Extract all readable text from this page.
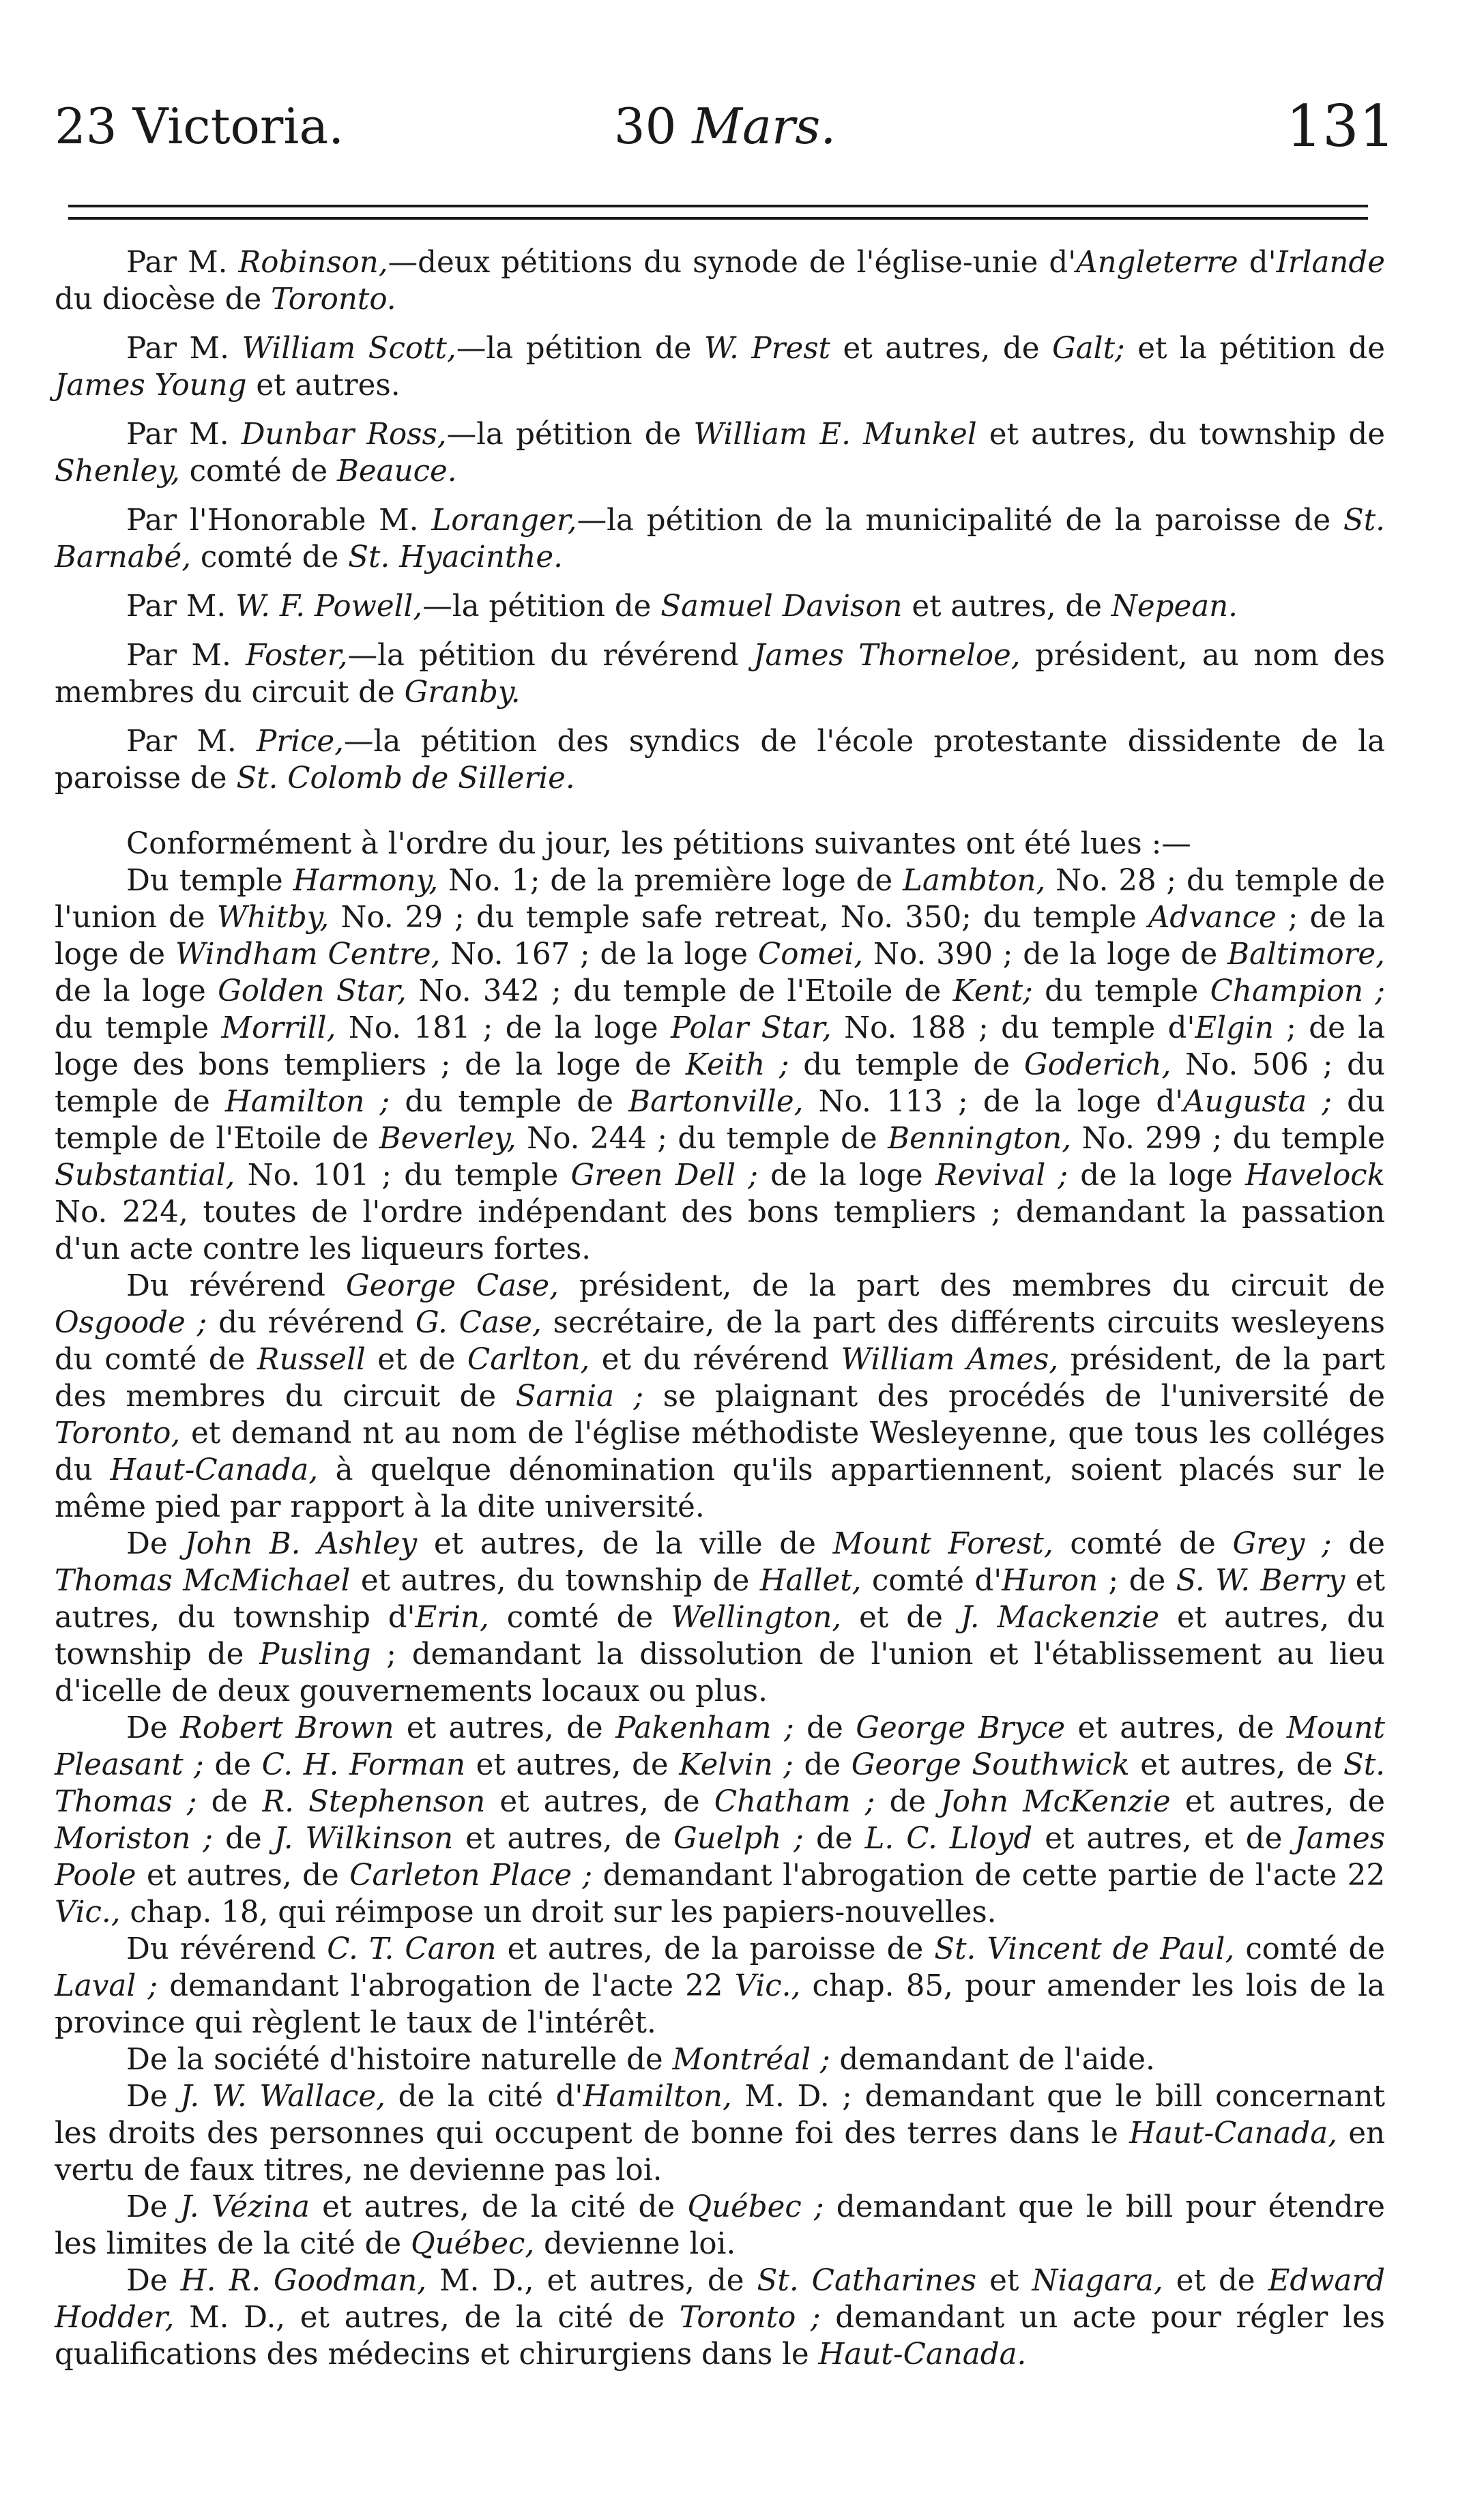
23 Victoria.	30 Mars.	131

Par M. Robinson,—deux pétitions du synode de l'église-unie d'Angleterre d'Irlande du diocèse de Toronto.

Par M. William Scott,—la pétition de W. Prest et autres, de Galt; et la pétition de James Young et autres.

Par M. Dunbar Ross,—la pétition de William E. Munkel et autres, du township de Shenley, comté de Beauce.

Par l'Honorable M. Loranger,—la pétition de la municipalité de la paroisse de St. Barnabé, comté de St. Hyacinthe.

Par M. W. F. Powell,—la pétition de Samuel Davison et autres, de Nepean.

Par M. Foster,—la pétition du révérend James Thorneloe, président, au nom des membres du circuit de Granby.

Par M. Price,—la pétition des syndics de l'école protestante dissidente de la paroisse de St. Colomb de Sillerie.

Conformément à l'ordre du jour, les pétitions suivantes ont été lues :—

Du temple Harmony, No. 1; de la première loge de Lambton, No. 28 ; du temple de l'union de Whitby, No. 29 ; du temple safe retreat, No. 350; du temple Advance ; de la loge de Windham Centre, No. 167 ; de la loge Comei, No. 390 ; de la loge de Baltimore, de la loge Golden Star, No. 342 ; du temple de l'Etoile de Kent; du temple Champion ; du temple Morrill, No. 181 ; de la loge Polar Star, No. 188 ; du temple d'Elgin ; de la loge des bons templiers ; de la loge de Keith ; du temple de Goderich, No. 506 ; du temple de Hamilton ; du temple de Bartonville, No. 113 ; de la loge d'Augusta ; du temple de l'Etoile de Beverley, No. 244 ; du temple de Bennington, No. 299 ; du temple Substantial, No. 101 ; du temple Green Dell ; de la loge Revival ; de la loge Havelock No. 224, toutes de l'ordre indépendant des bons templiers ; demandant la passation d'un acte contre les liqueurs fortes.

Du révérend George Case, président, de la part des membres du circuit de Osgoode ; du révérend G. Case, secrétaire, de la part des différents circuits wesleyens du comté de Russell et de Carlton, et du révérend William Ames, président, de la part des membres du circuit de Sarnia ; se plaignant des procédés de l'université de Toronto, et demand nt au nom de l'église méthodiste Wesleyenne, que tous les colléges du Haut-Canada, à quelque dénomination qu'ils appartiennent, soient placés sur le même pied par rapport à la dite université.

De John B. Ashley et autres, de la ville de Mount Forest, comté de Grey ; de Thomas McMichael et autres, du township de Hallet, comté d'Huron ; de S. W. Berry et autres, du township d'Erin, comté de Wellington, et de J. Mackenzie et autres, du township de Pusling ; demandant la dissolution de l'union et l'établissement au lieu d'icelle de deux gouvernements locaux ou plus.

De Robert Brown et autres, de Pakenham ; de George Bryce et autres, de Mount Pleasant ; de C. H. Forman et autres, de Kelvin ; de George Southwick et autres, de St. Thomas ; de R. Stephenson et autres, de Chatham ; de John McKenzie et autres, de Moriston ; de J. Wilkinson et autres, de Guelph ; de L. C. Lloyd et autres, et de James Poole et autres, de Carleton Place ; demandant l'abrogation de cette partie de l'acte 22 Vic., chap. 18, qui réimpose un droit sur les papiers-nouvelles.

Du révérend C. T. Caron et autres, de la paroisse de St. Vincent de Paul, comté de Laval ; demandant l'abrogation de l'acte 22 Vic., chap. 85, pour amender les lois de la province qui règlent le taux de l'intérêt.

De la société d'histoire naturelle de Montréal ; demandant de l'aide.

De J. W. Wallace, de la cité d'Hamilton, M. D. ; demandant que le bill concernant les droits des personnes qui occupent de bonne foi des terres dans le Haut-Canada, en vertu de faux titres, ne devienne pas loi.

De J. Vézina et autres, de la cité de Québec ; demandant que le bill pour étendre les limites de la cité de Québec, devienne loi.

De H. R. Goodman, M. D., et autres, de St. Catharines et Niagara, et de Edward Hodder, M. D., et autres, de la cité de Toronto ; demandant un acte pour régler les qualifications des médecins et chirurgiens dans le Haut-Canada.
